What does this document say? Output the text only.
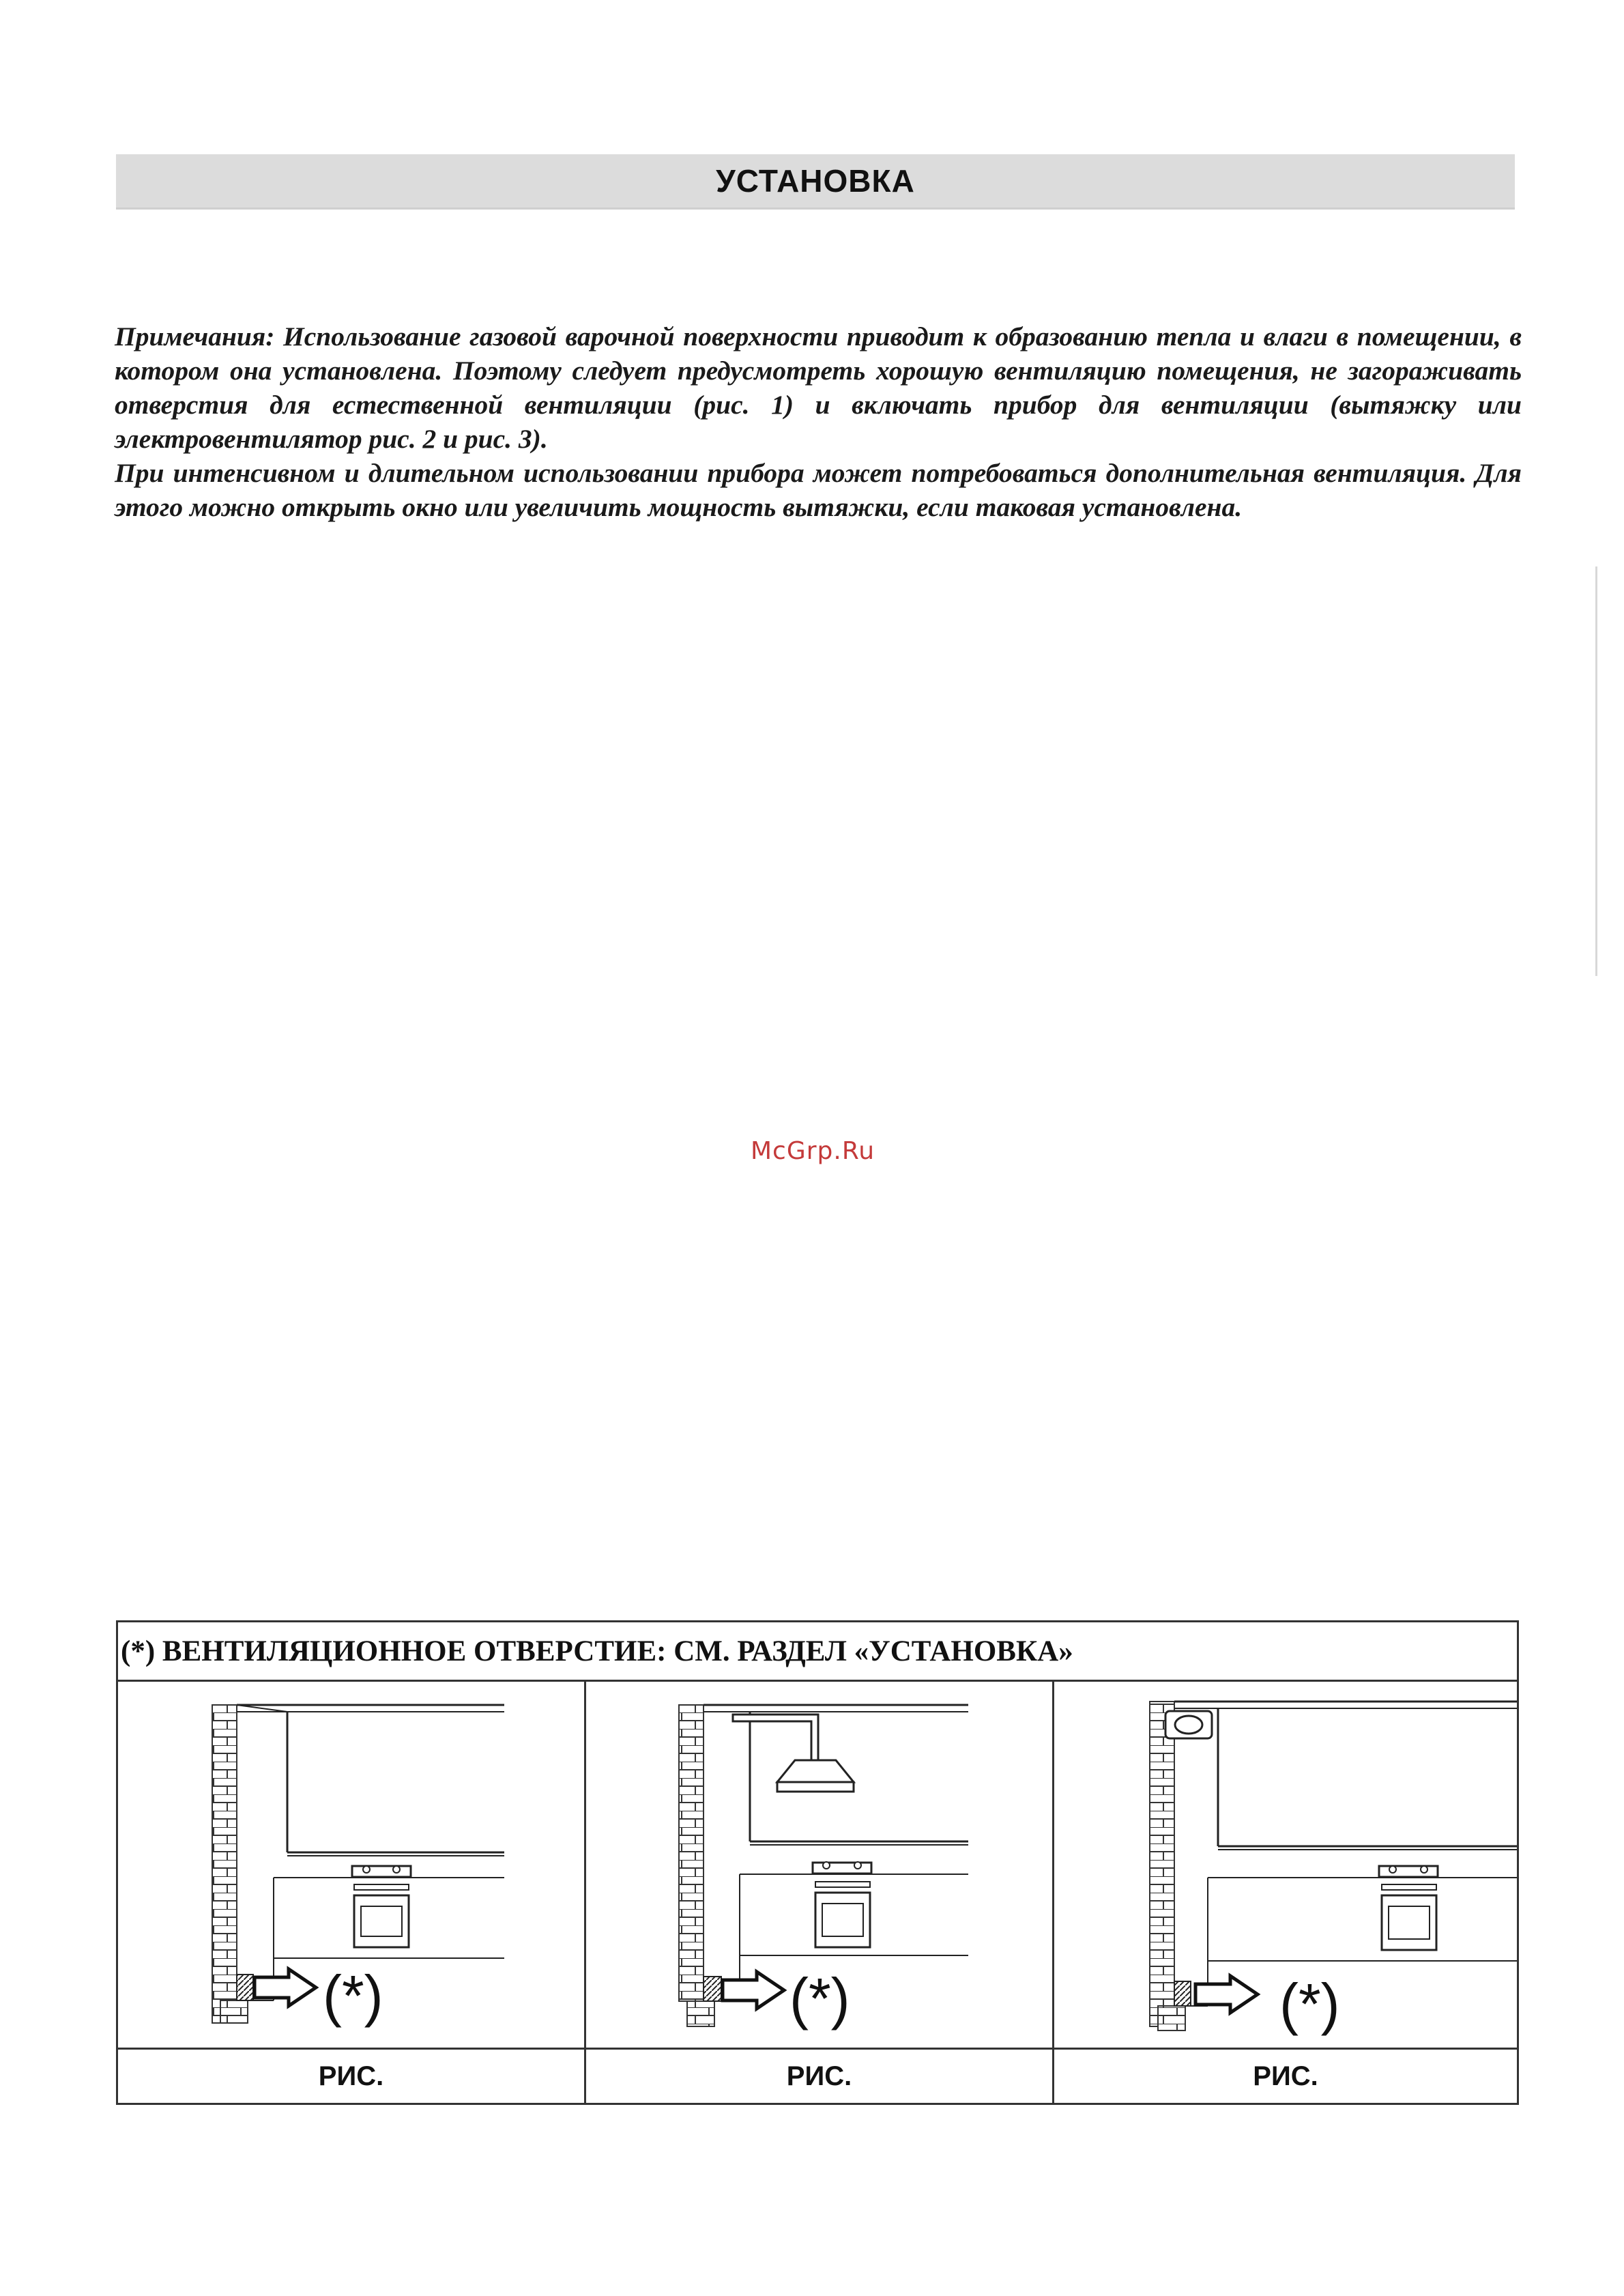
УСТАНОВКА

Примечания: Использование газовой варочной поверхности приводит к образованию тепла и влаги в помещении, в котором она установлена. Поэтому следует предусмотреть хорошую вентиляцию помещения, не загораживать отверстия для естественной вентиляции (рис. 1) и включать прибор для вентиляции (вытяжку или электровентилятор рис. 2 и рис. 3).

При интенсивном и длительном использовании прибора может потребоваться дополнительная вентиляция. Для этого можно открыть окно или увеличить мощность вытяжки, если таковая установлена.

McGrp.Ru
(*) ВЕНТИЛЯЦИОННОЕ ОТВЕРСТИЕ: СМ. РАЗДЕЛ «УСТАНОВКА»
(*)	(*)	(*)
РИС.	РИС.	РИС.
